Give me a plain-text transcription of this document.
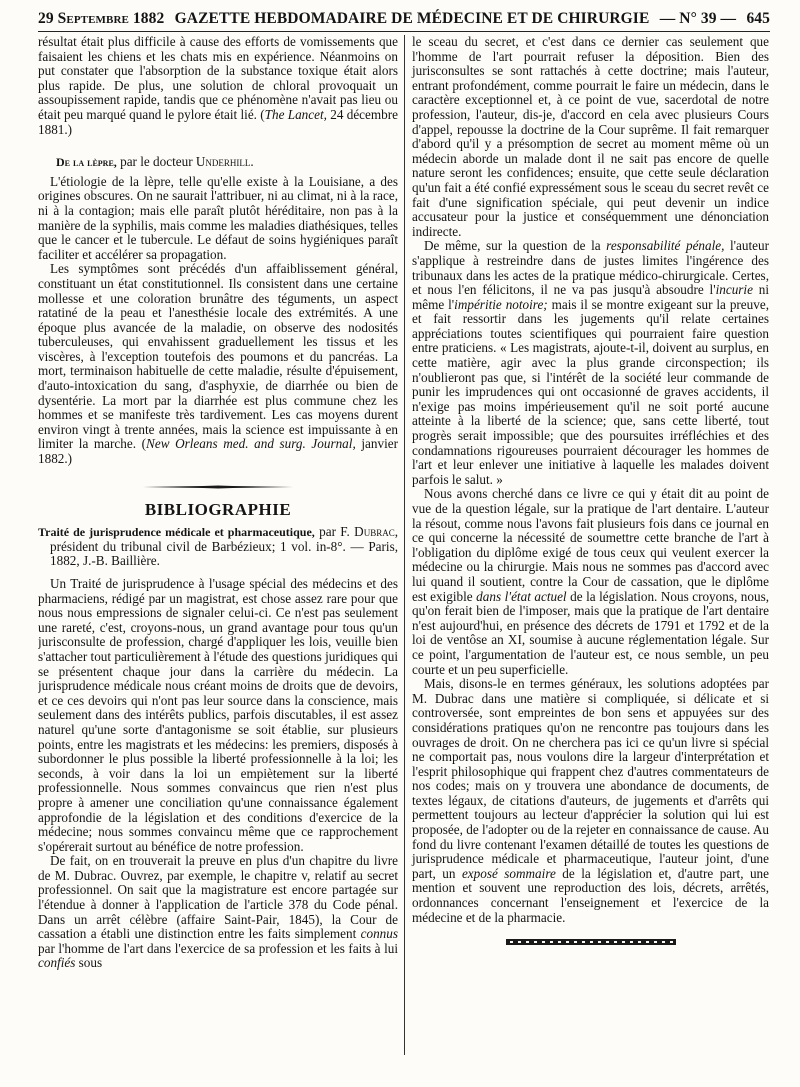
29 Septembre 1882 GAZETTE HEBDOMADAIRE DE MÉDECINE ET DE CHIRURGIE — N° 39 — 645

résultat était plus difficile à cause des efforts de vomissements que faisaient les chiens et les chats mis en expérience. Néanmoins on put constater que l'absorption de la substance toxique était alors plus rapide. De plus, une solution de chloral provoquait un assoupissement rapide, tandis que ce phénomène n'avait pas lieu ou était peu marqué quand le pylore était lié. (The Lancet, 24 décembre 1881.)

De la lèpre, par le docteur Underhill.

L'étiologie de la lèpre, telle qu'elle existe à la Louisiane, a des origines obscures. On ne saurait l'attribuer, ni au climat, ni à la race, ni à la contagion; mais elle paraît plutôt héréditaire, non pas à la manière de la syphilis, mais comme les maladies diathésiques, telles que le cancer et le tubercule. Le défaut de soins hygiéniques paraît faciliter et accélérer sa propagation.

Les symptômes sont précédés d'un affaiblissement général, constituant un état constitutionnel. Ils consistent dans une certaine mollesse et une coloration brunâtre des téguments, un aspect ratatiné de la peau et l'anesthésie locale des extrémités. A une époque plus avancée de la maladie, on observe des nodosités tuberculeuses, qui envahissent graduellement les tissus et les viscères, à l'exception toutefois des poumons et du pancréas. La mort, terminaison habituelle de cette maladie, résulte d'épuisement, d'auto-intoxication du sang, d'asphyxie, de diarrhée ou bien de dysentérie. La mort par la diarrhée est plus commune chez les hommes et se manifeste très tardivement. Les cas moyens durent environ vingt à trente années, mais la science est impuissante à en limiter la marche. (New Orleans med. and surg. Journal, janvier 1882.)

BIBLIOGRAPHIE

Traité de jurisprudence médicale et pharmaceutique, par F. Dubrac, président du tribunal civil de Barbézieux; 1 vol. in-8°. — Paris, 1882, J.-B. Baillière.

Un Traité de jurisprudence à l'usage spécial des médecins et des pharmaciens, rédigé par un magistrat, est chose assez rare pour que nous nous empressions de signaler celui-ci. Ce n'est pas seulement une rareté, c'est, croyons-nous, un grand avantage pour tous qu'un jurisconsulte de profession, chargé d'appliquer les lois, veuille bien s'attacher tout particulièrement à l'étude des questions juridiques qui se présentent chaque jour dans la carrière du médecin. La jurisprudence médicale nous créant moins de droits que de devoirs, et ce ces devoirs qui n'ont pas leur source dans la conscience, mais seulement dans des intérêts publics, parfois discutables, il est assez naturel qu'une sorte d'antagonisme se soit établie, sur plusieurs points, entre les magistrats et les médecins: les premiers, disposés à subordonner le plus possible la liberté professionnelle à la loi; les seconds, à voir dans la loi un empiètement sur la liberté professionnelle. Nous sommes convaincus que rien n'est plus propre à amener une conciliation qu'une connaissance également approfondie de la législation et des conditions d'exercice de la médecine; nous sommes convaincu même que ce rapprochement s'opérerait surtout au bénéfice de notre profession.

De fait, on en trouverait la preuve en plus d'un chapitre du livre de M. Dubrac. Ouvrez, par exemple, le chapitre v, relatif au secret professionnel. On sait que la magistrature est encore partagée sur l'étendue à donner à l'application de l'article 378 du Code pénal. Dans un arrêt célèbre (affaire Saint-Pair, 1845), la Cour de cassation a établi une distinction entre les faits simplement connus par l'homme de l'art dans l'exercice de sa profession et les faits à lui confiés sous

le sceau du secret, et c'est dans ce dernier cas seulement que l'homme de l'art pourrait refuser la déposition. Bien des jurisconsultes se sont rattachés à cette doctrine; mais l'auteur, entrant profondément, comme pourrait le faire un médecin, dans le caractère exceptionnel et, à ce point de vue, sacerdotal de notre profession, l'auteur, dis-je, d'accord en cela avec plusieurs Cours d'appel, repousse la doctrine de la Cour suprême. Il fait remarquer d'abord qu'il y a présomption de secret au moment même où un médecin aborde un malade dont il ne sait pas encore de quelle nature seront les confidences; ensuite, que cette seule déclaration qu'un fait a été confié expressément sous le sceau du secret revêt ce fait d'une signification spéciale, qui peut devenir un indice accusateur pour la justice et conséquemment une dénonciation indirecte.

De même, sur la question de la responsabilité pénale, l'auteur s'applique à restreindre dans de justes limites l'ingérence des tribunaux dans les actes de la pratique médico-chirurgicale. Certes, et nous l'en félicitons, il ne va pas jusqu'à absoudre l'incurie ni même l'impéritie notoire; mais il se montre exigeant sur la preuve, et fait ressortir dans les jugements qu'il relate certaines appréciations toutes scientifiques qui pourraient faire question entre praticiens. « Les magistrats, ajoute-t-il, doivent au surplus, en cette matière, agir avec la plus grande circonspection; ils n'oublieront pas que, si l'intérêt de la société leur commande de punir les imprudences qui ont occasionné de graves accidents, il n'exige pas moins impérieusement qu'il ne soit porté aucune atteinte à la liberté de la science; que, sans cette liberté, tout progrès serait impossible; que des poursuites irréfléchies et des condamnations rigoureuses pourraient décourager les hommes de l'art et leur enlever une initiative à laquelle les malades doivent parfois le salut. »

Nous avons cherché dans ce livre ce qui y était dit au point de vue de la question légale, sur la pratique de l'art dentaire. L'auteur la résout, comme nous l'avons fait plusieurs fois dans ce journal en ce qui concerne la nécessité de soumettre cette branche de l'art à l'obligation du diplôme exigé de tous ceux qui veulent exercer la médecine ou la chirurgie. Mais nous ne sommes pas d'accord avec lui quand il soutient, contre la Cour de cassation, que le diplôme est exigible dans l'état actuel de la législation. Nous croyons, nous, qu'on ferait bien de l'imposer, mais que la pratique de l'art dentaire n'est aujourd'hui, en présence des décrets de 1791 et 1792 et de la loi de ventôse an XI, soumise à aucune réglementation légale. Sur ce point, l'argumentation de l'auteur est, ce nous semble, un peu courte et un peu superficielle.

Mais, disons-le en termes généraux, les solutions adoptées par M. Dubrac dans une matière si compliquée, si délicate et si controversée, sont empreintes de bon sens et appuyées sur des considérations pratiques qu'on ne rencontre pas toujours dans les ouvrages de droit. On ne cherchera pas ici ce qu'un livre si spécial ne comportait pas, nous voulons dire la largeur d'interprétation et l'esprit philosophique qui frappent chez d'autres commentateurs de nos codes; mais on y trouvera une abondance de documents, de textes légaux, de citations d'auteurs, de jugements et d'arrêts qui permettent toujours au lecteur d'apprécier la solution qui lui est proposée, de l'adopter ou de la rejeter en connaissance de cause. Au fond du livre contenant l'examen détaillé de toutes les questions de jurisprudence médicale et pharmaceutique, l'auteur joint, d'une part, un exposé sommaire de la législation et, d'autre part, une mention et souvent une reproduction des lois, décrets, arrêtés, ordonnances concernant l'enseignement et l'exercice de la médecine et de la pharmacie.
